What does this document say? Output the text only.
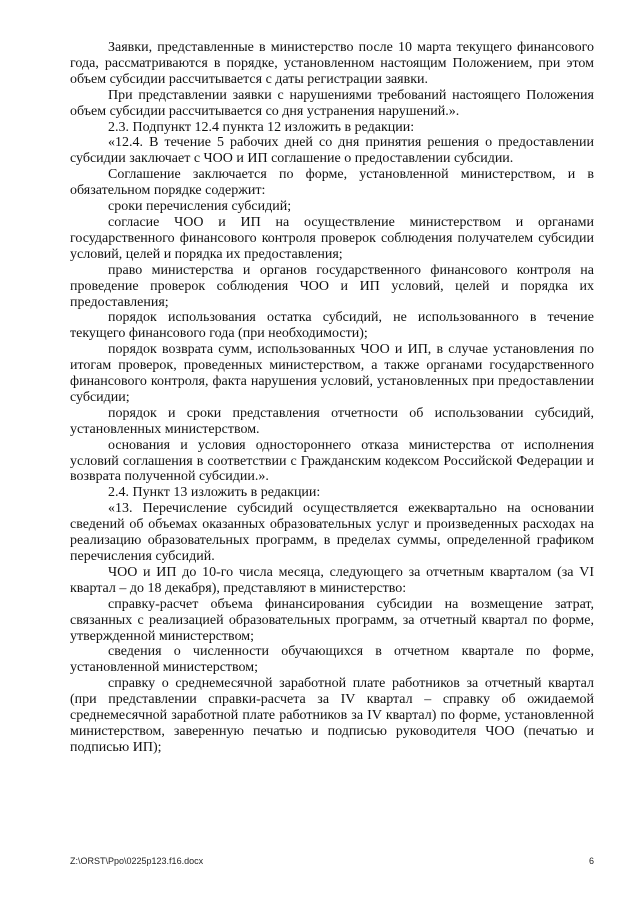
Заявки, представленные в министерство после 10 марта текущего финансового года, рассматриваются в порядке, установленном настоящим Положением, при этом объем субсидии рассчитывается с даты регистрации заявки.

При представлении заявки с нарушениями требований настоящего Положения объем субсидии рассчитывается со дня устранения нарушений.».

2.3. Подпункт 12.4 пункта 12 изложить в редакции:

«12.4. В течение 5 рабочих дней со дня принятия решения о предоставлении субсидии заключает с ЧОО и ИП соглашение о предоставлении субсидии.

Соглашение заключается по форме, установленной министерством, и в обязательном порядке содержит:

сроки перечисления субсидий;

согласие ЧОО и ИП на осуществление министерством и органами государственного финансового контроля проверок соблюдения получателем субсидии условий, целей и порядка их предоставления;

право министерства и органов государственного финансового контроля на проведение проверок соблюдения ЧОО и ИП условий, целей и порядка их предоставления;

порядок использования остатка субсидий, не использованного в течение текущего финансового года (при необходимости);

порядок возврата сумм, использованных ЧОО и ИП, в случае установления по итогам проверок, проведенных министерством, а также органами государственного финансового контроля, факта нарушения условий, установленных при предоставлении субсидии;

порядок и сроки представления отчетности об использовании субсидий, установленных министерством.

основания и условия одностороннего отказа министерства от исполнения условий соглашения в соответствии с Гражданским кодексом Российской Федерации и возврата полученной субсидии.».

2.4. Пункт 13 изложить в редакции:

«13. Перечисление субсидий осуществляется ежеквартально на основании сведений об объемах оказанных образовательных услуг и произведенных расходах на реализацию образовательных программ, в пределах суммы, определенной графиком перечисления субсидий.

ЧОО и ИП до 10-го числа месяца, следующего за отчетным кварталом (за VI квартал – до 18 декабря), представляют в министерство:

справку-расчет объема финансирования субсидии на возмещение затрат, связанных с реализацией образовательных программ, за отчетный квартал по форме, утвержденной министерством;

сведения о численности обучающихся в отчетном квартале по форме, установленной министерством;

справку о среднемесячной заработной плате работников за отчетный квартал (при представлении справки-расчета за IV квартал – справку об ожидаемой среднемесячной заработной плате работников за IV квартал) по форме, установленной министерством, заверенную печатью и подписью руководителя ЧОО (печатью и подписью ИП);

Z:\ORST\Ppo\0225p123.f16.docx	6
